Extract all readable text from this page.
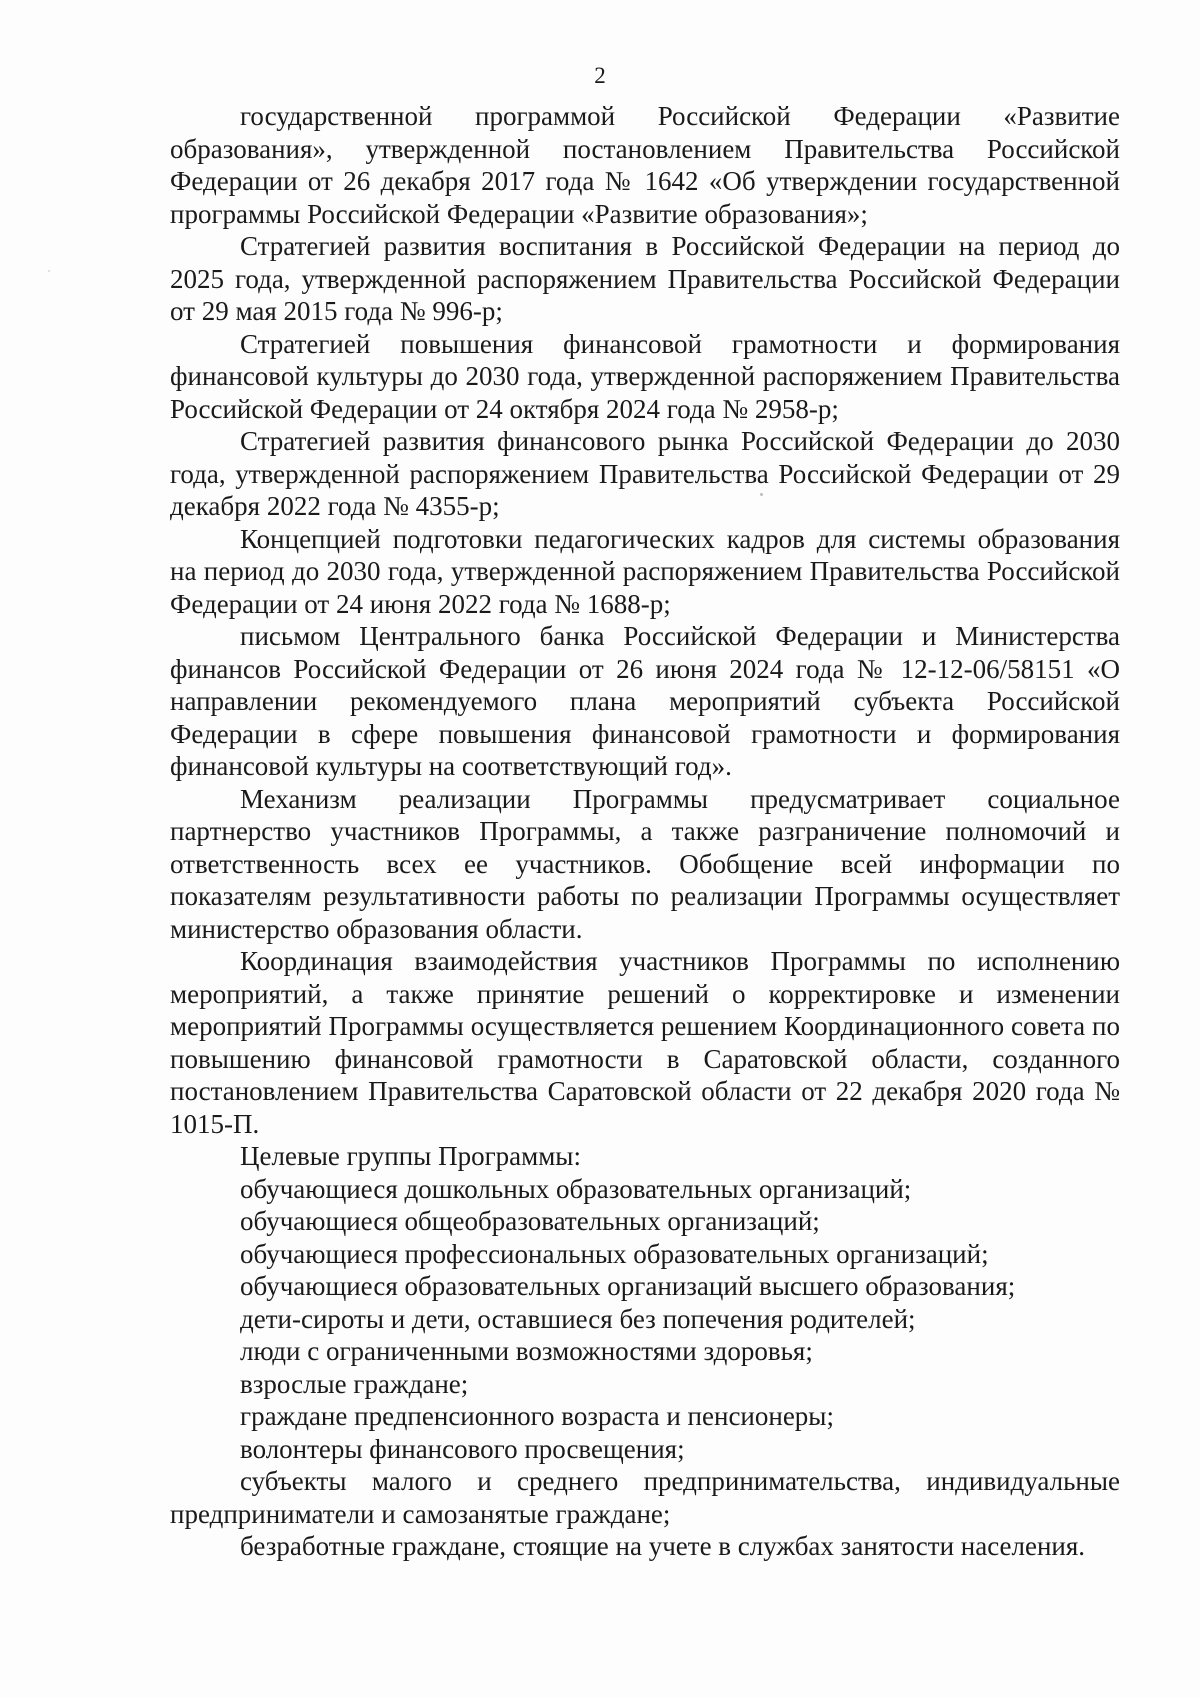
2

государственной программой Российской Федерации «Развитие образования», утвержденной постановлением Правительства Российской Федерации от 26 декабря 2017 года № 1642 «Об утверждении государственной программы Российской Федерации «Развитие образования»;

Стратегией развития воспитания в Российской Федерации на период до 2025 года, утвержденной распоряжением Правительства Российской Федерации от 29 мая 2015 года № 996-р;

Стратегией повышения финансовой грамотности и формирования финансовой культуры до 2030 года, утвержденной распоряжением Правительства Российской Федерации от 24 октября 2024 года № 2958-р;

Стратегией развития финансового рынка Российской Федерации до 2030 года, утвержденной распоряжением Правительства Российской Федерации от 29 декабря 2022 года № 4355-р;

Концепцией подготовки педагогических кадров для системы образования на период до 2030 года, утвержденной распоряжением Правительства Российской Федерации от 24 июня 2022 года № 1688-р;

письмом Центрального банка Российской Федерации и Министерства финансов Российской Федерации от 26 июня 2024 года № 12-12-06/58151 «О направлении рекомендуемого плана мероприятий субъекта Российской Федерации в сфере повышения финансовой грамотности и формирования финансовой культуры на соответствующий год».

Механизм реализации Программы предусматривает социальное партнерство участников Программы, а также разграничение полномочий и ответственность всех ее участников. Обобщение всей информации по показателям результативности работы по реализации Программы осуществляет министерство образования области.

Координация взаимодействия участников Программы по исполнению мероприятий, а также принятие решений о корректировке и изменении мероприятий Программы осуществляется решением Координационного совета по повышению финансовой грамотности в Саратовской области, созданного постановлением Правительства Саратовской области от 22 декабря 2020 года № 1015-П.

Целевые группы Программы:

обучающиеся дошкольных образовательных организаций;

обучающиеся общеобразовательных организаций;

обучающиеся профессиональных образовательных организаций;

обучающиеся образовательных организаций высшего образования;

дети-сироты и дети, оставшиеся без попечения родителей;

люди с ограниченными возможностями здоровья;

взрослые граждане;

граждане предпенсионного возраста и пенсионеры;

волонтеры финансового просвещения;

субъекты малого и среднего предпринимательства, индивидуальные предприниматели и самозанятые граждане;

безработные граждане, стоящие на учете в службах занятости населения.
